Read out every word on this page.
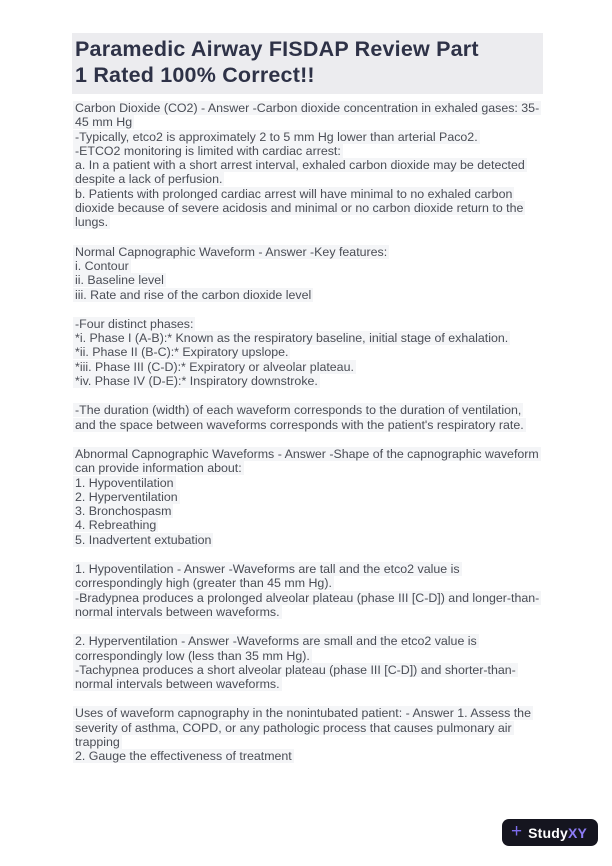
Paramedic Airway FISDAP Review Part
1 Rated 100% Correct!!

Carbon Dioxide (CO2) - Answer -Carbon dioxide concentration in exhaled gases: 35-
45 mm Hg
-Typically, etco2 is approximately 2 to 5 mm Hg lower than arterial Paco2.
-ETCO2 monitoring is limited with cardiac arrest:
a. In a patient with a short arrest interval, exhaled carbon dioxide may be detected
despite a lack of perfusion.
b. Patients with prolonged cardiac arrest will have minimal to no exhaled carbon
dioxide because of severe acidosis and minimal or no carbon dioxide return to the
lungs.

Normal Capnographic Waveform - Answer -Key features:
i. Contour
ii. Baseline level
iii. Rate and rise of the carbon dioxide level

-Four distinct phases:
*i. Phase I (A-B):* Known as the respiratory baseline, initial stage of exhalation.
*ii. Phase II (B-C):* Expiratory upslope.
*iii. Phase III (C-D):* Expiratory or alveolar plateau.
*iv. Phase IV (D-E):* Inspiratory downstroke.

-The duration (width) of each waveform corresponds to the duration of ventilation,
and the space between waveforms corresponds with the patient's respiratory rate.

Abnormal Capnographic Waveforms - Answer -Shape of the capnographic waveform
can provide information about:
1. Hypoventilation
2. Hyperventilation
3. Bronchospasm
4. Rebreathing
5. Inadvertent extubation

1. Hypoventilation - Answer -Waveforms are tall and the etco2 value is
correspondingly high (greater than 45 mm Hg).
-Bradypnea produces a prolonged alveolar plateau (phase III [C-D]) and longer-than-
normal intervals between waveforms.

2. Hyperventilation - Answer -Waveforms are small and the etco2 value is
correspondingly low (less than 35 mm Hg).
-Tachypnea produces a short alveolar plateau (phase III [C-D]) and shorter-than-
normal intervals between waveforms.

Uses of waveform capnography in the nonintubated patient: - Answer 1. Assess the
severity of asthma, COPD, or any pathologic process that causes pulmonary air
trapping
2. Gauge the effectiveness of treatment

+ Study XY
